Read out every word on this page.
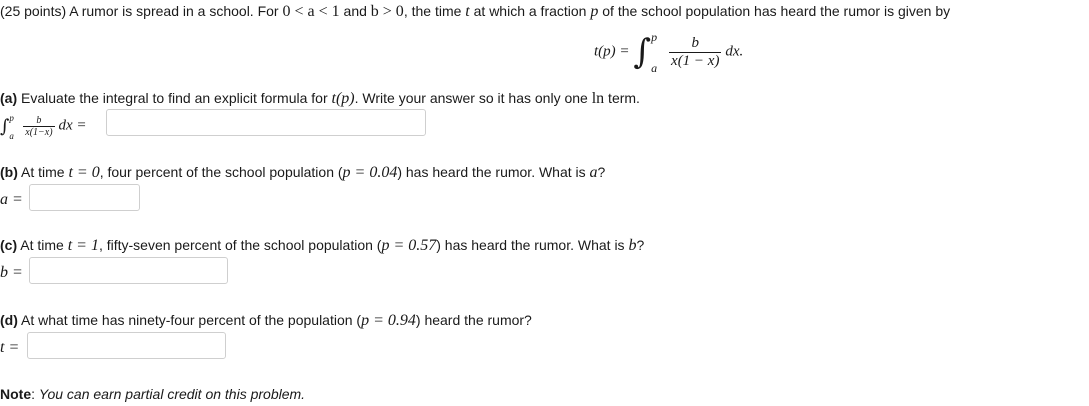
(25 points) A rumor is spread in a school. For 0 < a < 1 and b > 0, the time t at which a fraction p of the school population has heard the rumor is given by
t(p) = ∫ p
a
$\frac{b}{x(1 - x)}$ dx.
(a) Evaluate the integral to find an explicit formula for t(p). Write your answer so it has only one ln term.
∫ p
a
$\frac{b}{x(1-x)}$ dx =
(b) At time t = 0, four percent of the school population (p = 0.04) has heard the rumor. What is a?
a =
(c) At time t = 1, fifty-seven percent of the school population (p = 0.57) has heard the rumor. What is b?
b =
(d) At what time has ninety-four percent of the population (p = 0.94) heard the rumor?
t =
Note: You can earn partial credit on this problem.
